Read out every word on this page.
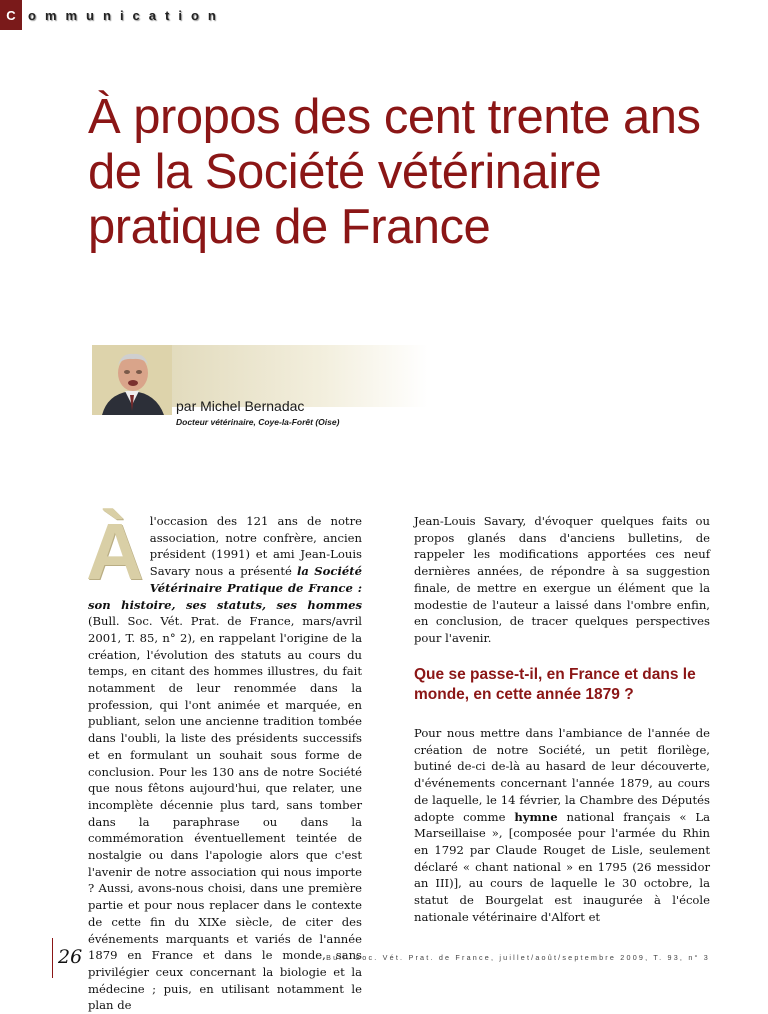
C ommunication
À propos des cent trente ans
de la Société vétérinaire
pratique de France
par Michel Bernadac
Docteur vétérinaire, Coye-la-Forêt (Oise)
À l'occasion des 121 ans de notre association, notre confrère, ancien président (1991) et ami Jean-Louis Savary nous a présenté la Société Vétérinaire Pratique de France : son histoire, ses statuts, ses hommes (Bull. Soc. Vét. Prat. de France, mars/avril 2001, T. 85, n° 2), en rappelant l'origine de la création, l'évolution des statuts au cours du temps, en citant des hommes illustres, du fait notamment de leur renommée dans la profession, qui l'ont animée et marquée, en publiant, selon une ancienne tradition tombée dans l'oubli, la liste des présidents successifs et en formulant un souhait sous forme de conclusion. Pour les 130 ans de notre Société que nous fêtons aujourd'hui, que relater, une incomplète décennie plus tard, sans tomber dans la paraphrase ou dans la commémoration éventuellement teintée de nostalgie ou dans l'apologie alors que c'est l'avenir de notre association qui nous importe ? Aussi, avons-nous choisi, dans une première partie et pour nous replacer dans le contexte de cette fin du XIXe siècle, de citer des événements marquants et variés de l'année 1879 en France et dans le monde, sans privilégier ceux concernant la biologie et la médecine ; puis, en utilisant notamment le plan de

Jean-Louis Savary, d'évoquer quelques faits ou propos glanés dans d'anciens bulletins, de rappeler les modifications apportées ces neuf dernières années, de répondre à sa suggestion finale, de mettre en exergue un élément que la modestie de l'auteur a laissé dans l'ombre enfin, en conclusion, de tracer quelques perspectives pour l'avenir.

Que se passe-t-il, en France et dans le monde, en cette année 1879 ?

Pour nous mettre dans l'ambiance de l'année de création de notre Société, un petit florilège, butiné de-ci de-là au hasard de leur découverte, d'événements concernant l'année 1879, au cours de laquelle, le 14 février, la Chambre des Députés adopte comme hymne national français « La Marseillaise », [composée pour l'armée du Rhin en 1792 par Claude Rouget de Lisle, seulement déclaré « chant national » en 1795 (26 messidor an III)], au cours de laquelle le 30 octobre, la statut de Bourgelat est inaugurée à l'école nationale vétérinaire d'Alfort et

26	Bull. Soc. Vét. Prat. de France, juillet/août/septembre 2009, T. 93, n° 3
